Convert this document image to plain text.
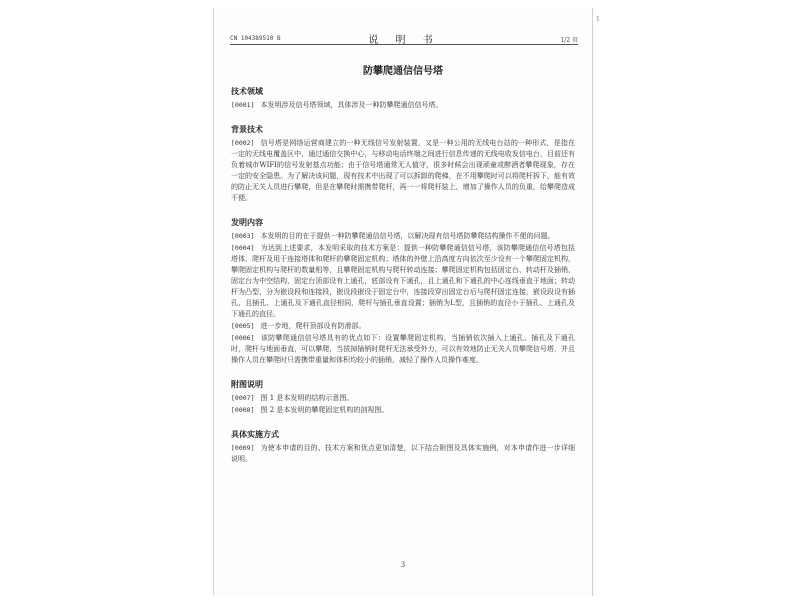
CN 104389510 B	说 明 书	1/2 页
防攀爬通信信号塔
技术领域

[0001] 本发明涉及信号塔领域，具体涉及一种防攀爬通信信号塔。

背景技术

[0002] 信号塔是网络运营商建立的一种无线信号发射装置，又是一种公用的无线电台站的一种形式，是指在一定的无线电覆盖区中，通过通信交换中心，与移动电话终端之间进行信息传递的无线电收发信电台，目前还有负着城市WIFI的信号发射基点功能；由于信号塔通常无人值守，很多时候会出现顽童或醉酒者攀爬现象，存在一定的安全隐患。为了解决该问题，现有技术中出现了可以拆卸的爬梯，在不用攀爬时可以将爬杆拆下，能有效的防止无关人员进行攀爬，但是在攀爬时需携带爬杆，再一一将爬杆装上，增加了操作人员的负重，给攀爬造成不便。

发明内容

[0003] 本发明的目的在于提供一种防攀爬通信信号塔，以解决现有信号塔防攀爬结构操作不便的问题。

[0004] 为达到上述要求，本发明采取的技术方案是：提供一种防攀爬通信信号塔，该防攀爬通信信号塔包括塔体、爬杆及用于连接塔体和爬杆的攀爬固定机构；塔体的外壁上沿高度方向依次至少设有一个攀爬固定机构，攀爬固定机构与爬杆的数量相等，且攀爬固定机构与爬杆转动连接；攀爬固定机构包括固定台、转动杆及插销，固定台为中空结构，固定台顶部设有上通孔，底部设有下通孔，且上通孔和下通孔的中心连线垂直于地面；转动杆为凸型，分为嵌设段和连接段，嵌设段嵌设于固定台中，连接段穿出固定台后与爬杆固定连接，嵌设段设有插孔，且插孔、上通孔及下通孔直径相同，爬杆与插孔垂直设置；插销为L型，且插销的直径小于插孔、上通孔及下通孔的直径。

[0005] 进一步地，爬杆顶部设有防滑部。

[0006] 该防攀爬通信信号塔具有的优点如下：设置攀爬固定机构，当插销依次插入上通孔、插孔及下通孔时，爬杆与地面垂直，可以攀爬，当拔掉插销时爬杆无法承受外力，可以有效地防止无关人员攀爬信号塔，并且操作人员在攀爬时只需携带重量和体积均较小的插销，减轻了操作人员操作难度。

附图说明

[0007] 图 1 是本发明的结构示意图。

[0008] 图 2 是本发明的攀爬固定机构的剖视图。

具体实施方式

[0009] 为使本申请的目的、技术方案和优点更加清楚，以下结合附图及具体实施例，对本申请作进一步详细说明。

3
1
